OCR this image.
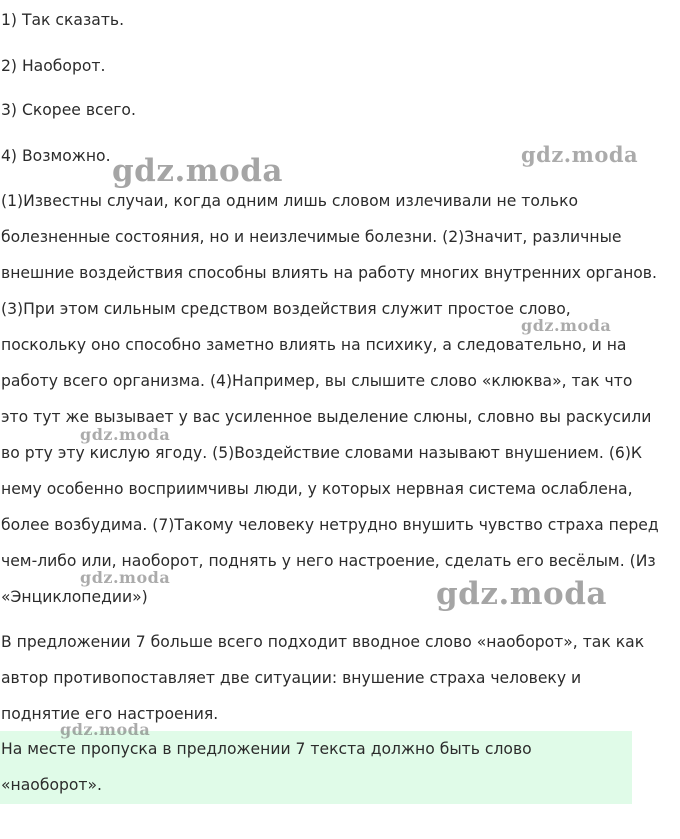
1) Так сказать.

2) Наоборот.

3) Скорее всего.

4) Возможно.

(1)Известны случаи, когда одним лишь словом излечивали не только
болезненные состояния, но и неизлечимые болезни. (2)Значит, различные
внешние воздействия способны влиять на работу многих внутренних органов.
(3)При этом сильным средством воздействия служит простое слово,
поскольку оно способно заметно влиять на психику, а следовательно, и на
работу всего организма. (4)Например, вы слышите слово «клюква», так что
это тут же вызывает у вас усиленное выделение слюны, словно вы раскусили
во рту эту кислую ягоду. (5)Воздействие словами называют внушением. (6)К
нему особенно восприимчивы люди, у которых нервная система ослаблена,
более возбудима. (7)Такому человеку нетрудно внушить чувство страха перед
чем-либо или, наоборот, поднять у него настроение, сделать его весёлым. (Из
«Энциклопедии»)
В предложении 7 больше всего подходит вводное слово «наоборот», так как
автор противопоставляет две ситуации: внушение страха человеку и
поднятие его настроения.
На месте пропуска в предложении 7 текста должно быть слово
«наоборот».
gdz.moda	gdz.moda
gdz.moda
gdz.moda
gdz.moda	gdz.moda
gdz.moda
